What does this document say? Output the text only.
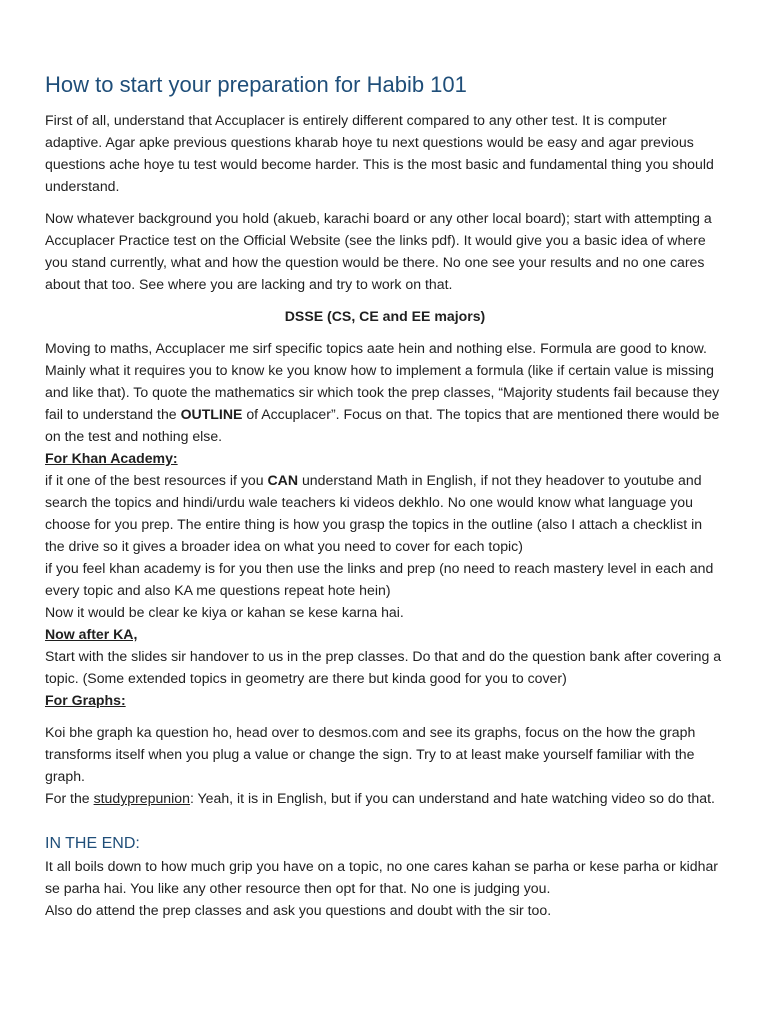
How to start your preparation for Habib 101

First of all, understand that Accuplacer is entirely different compared to any other test. It is computer adaptive. Agar apke previous questions kharab hoye tu next questions would be easy and agar previous questions ache hoye tu test would become harder. This is the most basic and fundamental thing you should understand.

Now whatever background you hold (akueb, karachi board or any other local board); start with attempting a Accuplacer Practice test on the Official Website (see the links pdf). It would give you a basic idea of where you stand currently, what and how the question would be there. No one see your results and no one cares about that too. See where you are lacking and try to work on that.

DSSE (CS, CE and EE majors)

Moving to maths, Accuplacer me sirf specific topics aate hein and nothing else. Formula are good to know. Mainly what it requires you to know ke you know how to implement a formula (like if certain value is missing and like that). To quote the mathematics sir which took the prep classes, “Majority students fail because they fail to understand the OUTLINE of Accuplacer”. Focus on that. The topics that are mentioned there would be on the test and nothing else.

For Khan Academy:

if it one of the best resources if you CAN understand Math in English, if not they headover to youtube and search the topics and hindi/urdu wale teachers ki videos dekhlo. No one would know what language you choose for you prep. The entire thing is how you grasp the topics in the outline (also I attach a checklist in the drive so it gives a broader idea on what you need to cover for each topic)

if you feel khan academy is for you then use the links and prep (no need to reach mastery level in each and every topic and also KA me questions repeat hote hein)

Now it would be clear ke kiya or kahan se kese karna hai.

Now after KA,

Start with the slides sir handover to us in the prep classes. Do that and do the question bank after covering a topic. (Some extended topics in geometry are there but kinda good for you to cover)

For Graphs:

Koi bhe graph ka question ho, head over to desmos.com and see its graphs, focus on the how the graph transforms itself when you plug a value or change the sign. Try to at least make yourself familiar with the graph.

For the studyprepunion: Yeah, it is in English, but if you can understand and hate watching video so do that.

IN THE END:

It all boils down to how much grip you have on a topic, no one cares kahan se parha or kese parha or kidhar se parha hai. You like any other resource then opt for that. No one is judging you.

Also do attend the prep classes and ask you questions and doubt with the sir too.
